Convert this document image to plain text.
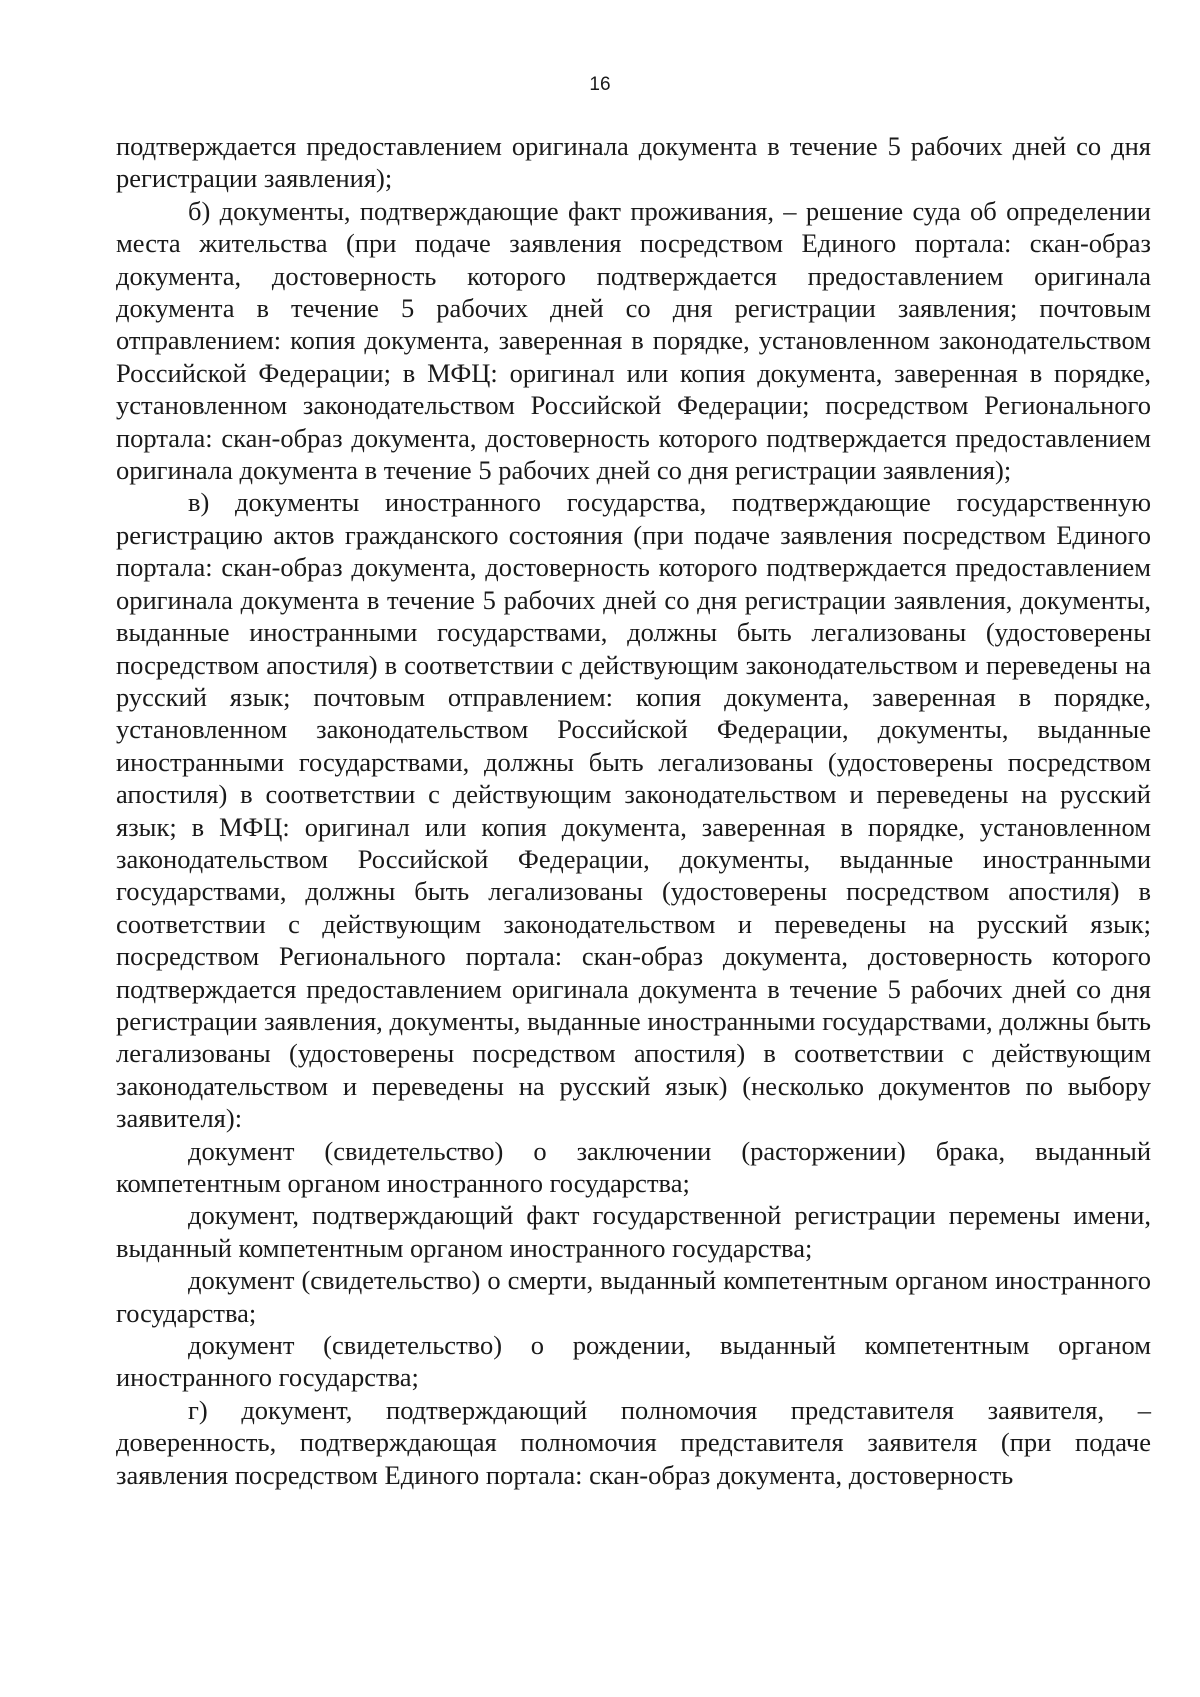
16

подтверждается предоставлением оригинала документа в течение 5 рабочих дней со дня регистрации заявления);

б) документы, подтверждающие факт проживания, – решение суда об определении места жительства (при подаче заявления посредством Единого портала: скан-образ документа, достоверность которого подтверждается предоставлением оригинала документа в течение 5 рабочих дней со дня регистрации заявления; почтовым отправлением: копия документа, заверенная в порядке, установленном законодательством Российской Федерации; в МФЦ: оригинал или копия документа, заверенная в порядке, установленном законодательством Российской Федерации; посредством Регионального портала: скан-образ документа, достоверность которого подтверждается предоставлением оригинала документа в течение 5 рабочих дней со дня регистрации заявления);

в) документы иностранного государства, подтверждающие государственную регистрацию актов гражданского состояния (при подаче заявления посредством Единого портала: скан-образ документа, достоверность которого подтверждается предоставлением оригинала документа в течение 5 рабочих дней со дня регистрации заявления, документы, выданные иностранными государствами, должны быть легализованы (удостоверены посредством апостиля) в соответствии с действующим законодательством и переведены на русский язык; почтовым отправлением: копия документа, заверенная в порядке, установленном законодательством Российской Федерации, документы, выданные иностранными государствами, должны быть легализованы (удостоверены посредством апостиля) в соответствии с действующим законодательством и переведены на русский язык; в МФЦ: оригинал или копия документа, заверенная в порядке, установленном законодательством Российской Федерации, документы, выданные иностранными государствами, должны быть легализованы (удостоверены посредством апостиля) в соответствии с действующим законодательством и переведены на русский язык; посредством Регионального портала: скан-образ документа, достоверность которого подтверждается предоставлением оригинала документа в течение 5 рабочих дней со дня регистрации заявления, документы, выданные иностранными государствами, должны быть легализованы (удостоверены посредством апостиля) в соответствии с действующим законодательством и переведены на русский язык) (несколько документов по выбору заявителя):

документ (свидетельство) о заключении (расторжении) брака, выданный компетентным органом иностранного государства;

документ, подтверждающий факт государственной регистрации перемены имени, выданный компетентным органом иностранного государства;

документ (свидетельство) о смерти, выданный компетентным органом иностранного государства;

документ (свидетельство) о рождении, выданный компетентным органом иностранного государства;

г) документ, подтверждающий полномочия представителя заявителя, – доверенность, подтверждающая полномочия представителя заявителя (при подаче заявления посредством Единого портала: скан-образ документа, достоверность
